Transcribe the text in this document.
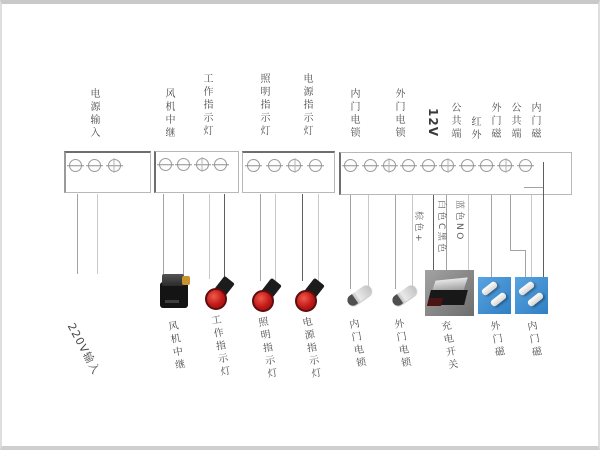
电源输入	风机中继	工作指示灯	照明指示灯	电源指示灯	内门电锁	外门电锁 12V 公共端 红外 外门磁 公共端 内门磁
棕色+	白色C黑色 蓝色NO
220V输入	风机中继 工作指示灯 照明指示灯 电源指示灯 内门电锁	外门电锁	充电开关	外门磁 内门磁
